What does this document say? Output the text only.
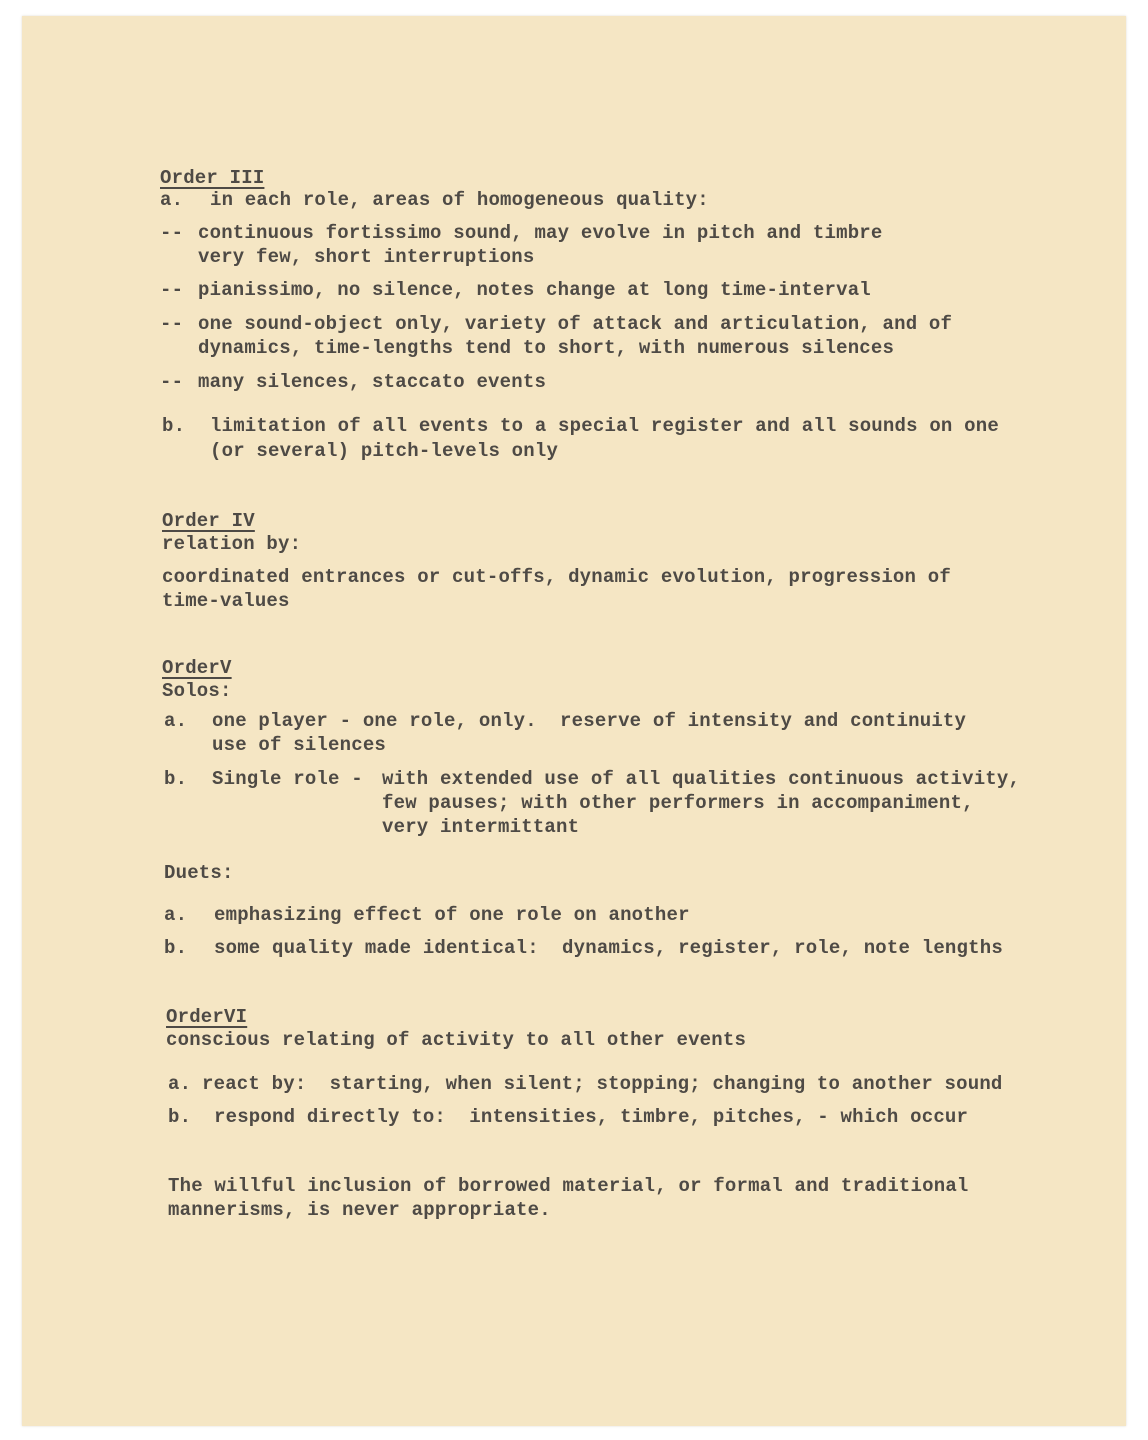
Order III
a. in each role, areas of homogeneous quality:
-- continuous fortissimo sound, may evolve in pitch and timbre
very few, short interruptions
-- pianissimo, no silence, notes change at long time-interval
-- one sound-object only, variety of attack and articulation, and of
dynamics, time-lengths tend to short, with numerous silences
-- many silences, staccato events
b. limitation of all events to a special register and all sounds on one
(or several) pitch-levels only
Order IV
relation by:
coordinated entrances or cut-offs, dynamic evolution, progression of
time-values
OrderV
Solos:
a. one player - one role, only.  reserve of intensity and continuity
use of silences
b. Single role - with extended use of all qualities continuous activity,
few pauses; with other performers in accompaniment,
very intermittant
Duets:
a. emphasizing effect of one role on another
b. some quality made identical:  dynamics, register, role, note lengths
OrderVI
conscious relating of activity to all other events
a. react by:  starting, when silent; stopping; changing to another sound
b. respond directly to:  intensities, timbre, pitches, - which occur
The willful inclusion of borrowed material, or formal and traditional
mannerisms, is never appropriate.
